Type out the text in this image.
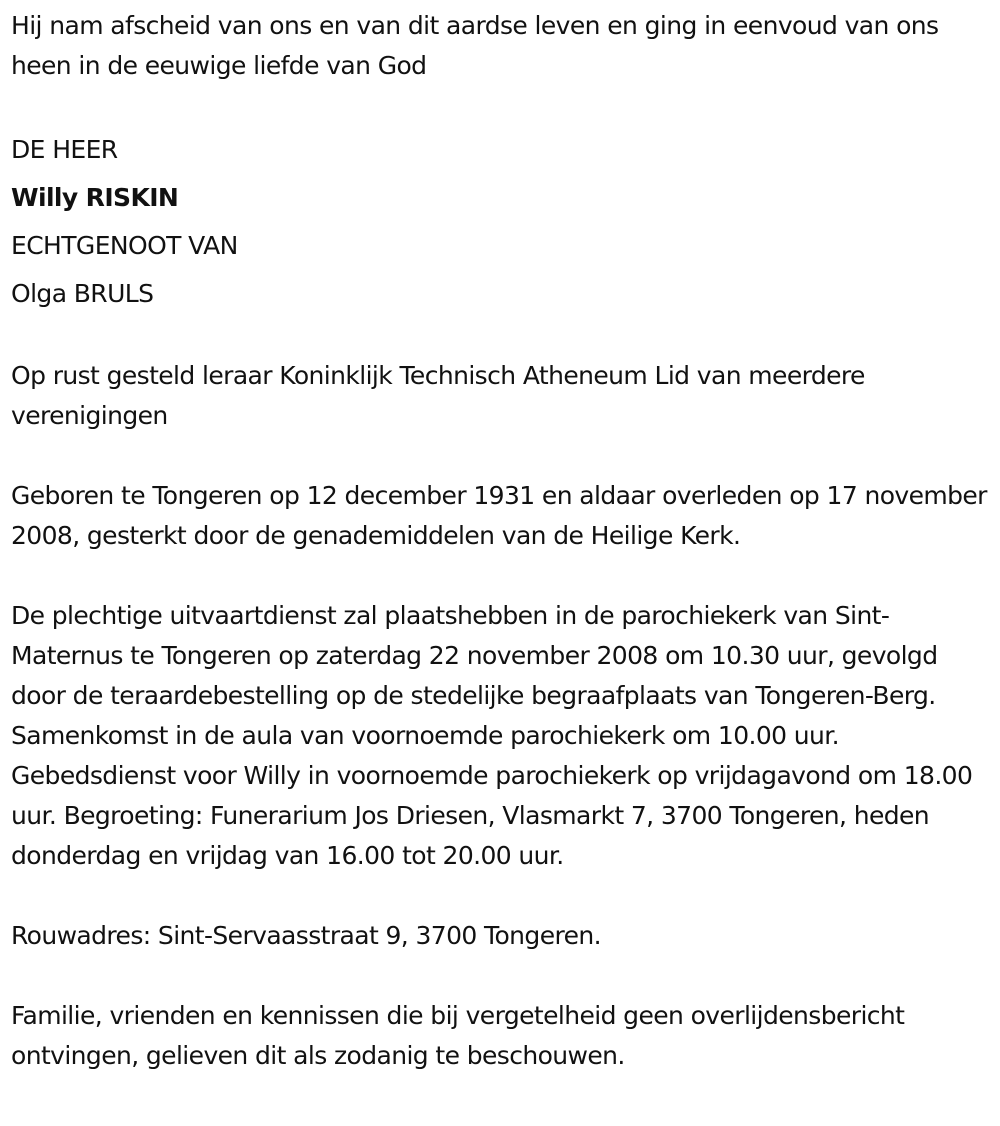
Hij nam afscheid van ons en van dit aardse leven en ging in eenvoud van ons heen in de eeuwige liefde van God

DE HEER
Willy RISKIN
ECHTGENOOT VAN
Olga BRULS

Op rust gesteld leraar Koninklijk Technisch Atheneum Lid van meerdere verenigingen

Geboren te Tongeren op 12 december 1931 en aldaar overleden op 17 november 2008, gesterkt door de genademiddelen van de Heilige Kerk.

De plechtige uitvaartdienst zal plaatshebben in de parochiekerk van Sint-Maternus te Tongeren op zaterdag 22 november 2008 om 10.30 uur, gevolgd door de teraardebestelling op de stedelijke begraafplaats van Tongeren-Berg. Samenkomst in de aula van voornoemde parochiekerk om 10.00 uur. Gebedsdienst voor Willy in voornoemde parochiekerk op vrijdagavond om 18.00 uur. Begroeting: Funerarium Jos Driesen, Vlasmarkt 7, 3700 Tongeren, heden donderdag en vrijdag van 16.00 tot 20.00 uur.

Rouwadres: Sint-Servaasstraat 9, 3700 Tongeren.

Familie, vrienden en kennissen die bij vergetelheid geen overlijdensbericht ontvingen, gelieven dit als zodanig te beschouwen.
